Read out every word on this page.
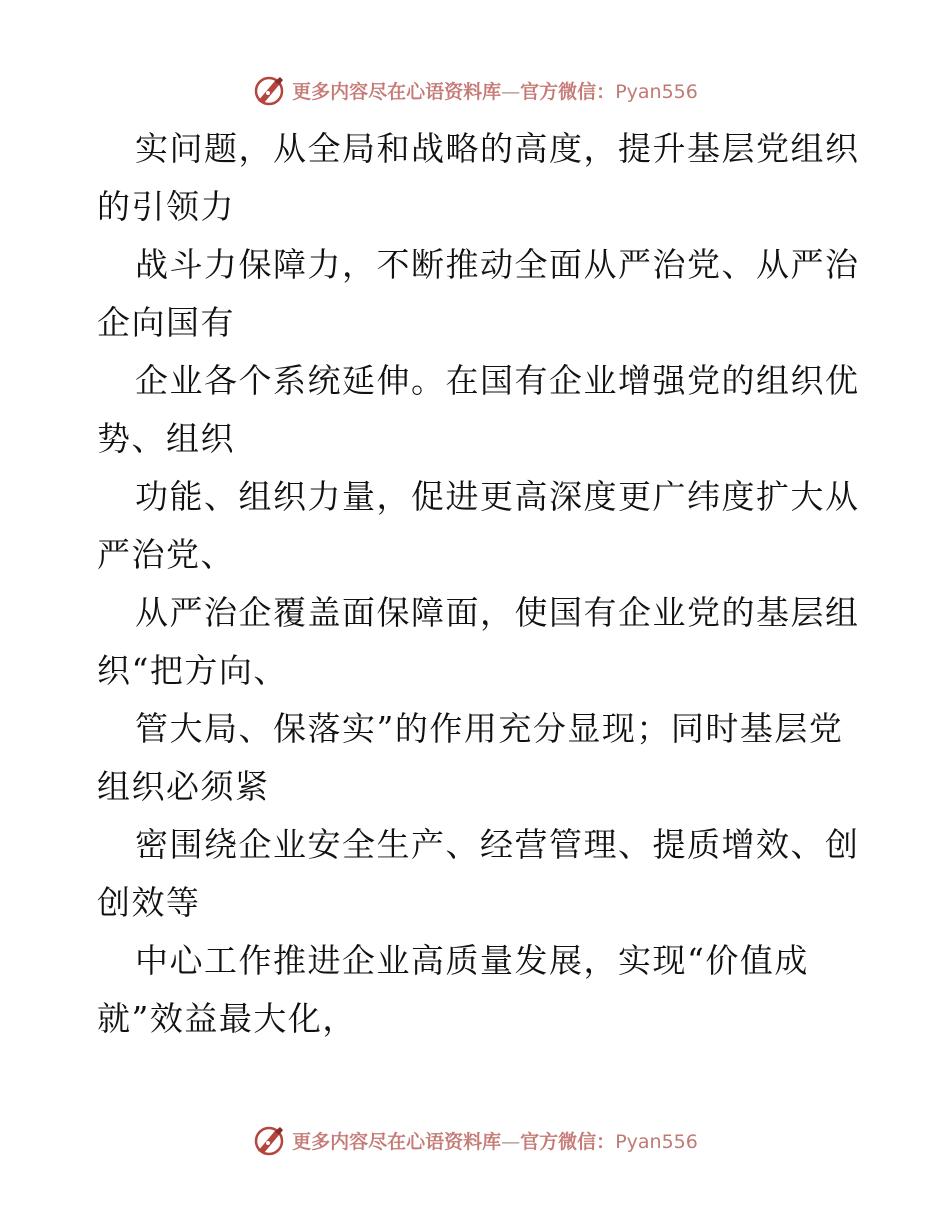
更多内容尽在心语资料库—官方微信：Pyan556

实问题，从全局和战略的高度，提升基层党组织
的引领力

战斗力保障力，不断推动全面从严治党、从严治
企向国有

企业各个系统延伸。在国有企业增强党的组织优
势、组织

功能、组织力量，促进更高深度更广纬度扩大从
严治党、

从严治企覆盖面保障面，使国有企业党的基层组
织“把方向、

管大局、保落实”的作用充分显现；同时基层党
组织必须紧

密围绕企业安全生产、经营管理、提质增效、创
创效等

中心工作推进企业高质量发展，实现“价值成
就”效益最大化，

更多内容尽在心语资料库—官方微信：Pyan556
